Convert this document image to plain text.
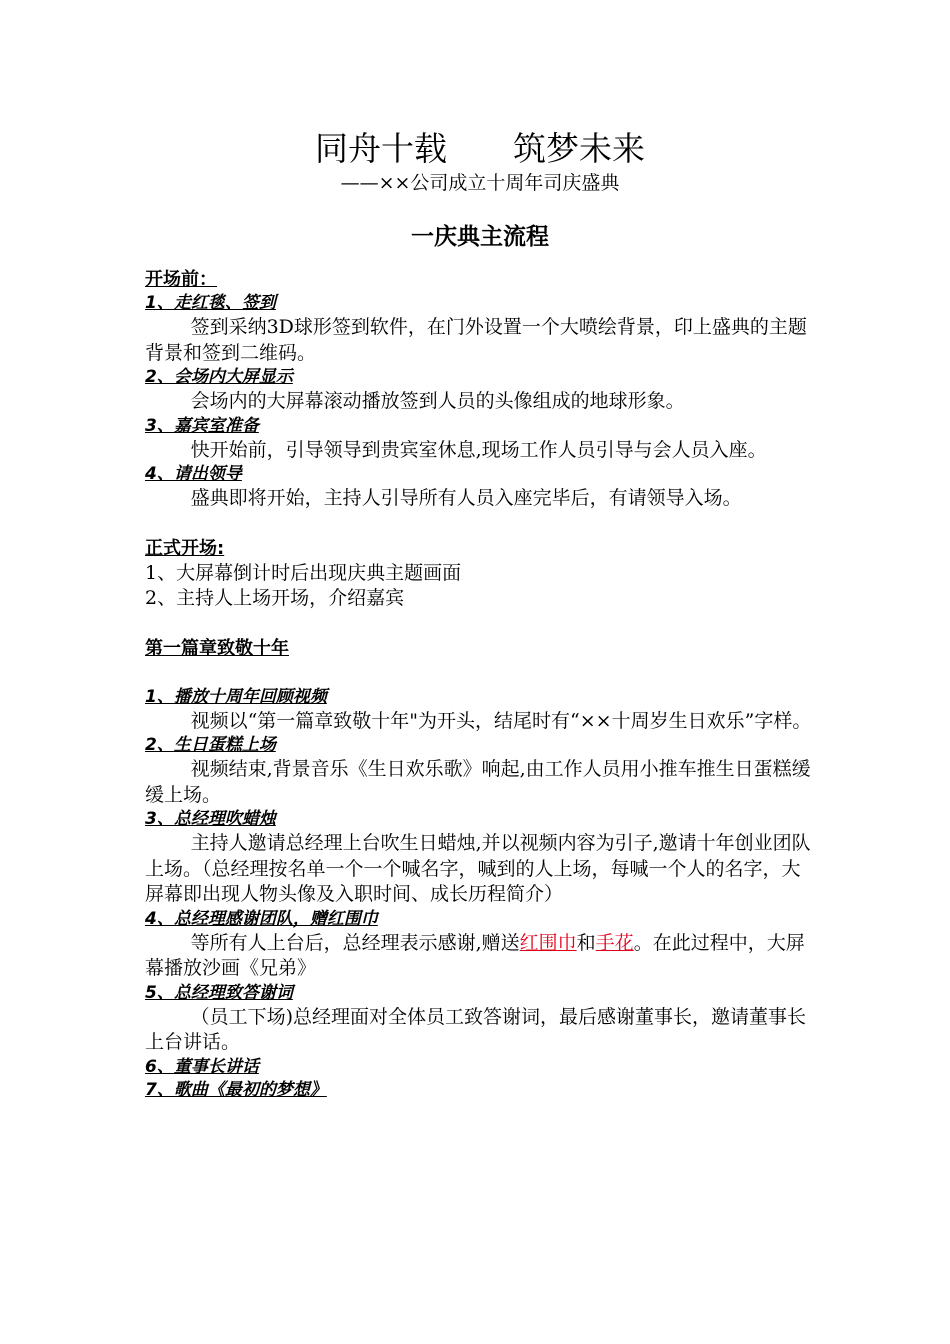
同舟十载　　筑梦未来

——××公司成立十周年司庆盛典

一庆典主流程

开场前：

1、走红毯、签到

签到采纳3D球形签到软件，在门外设置一个大喷绘背景，印上盛典的主题背景和签到二维码。

2、会场内大屏显示

会场内的大屏幕滚动播放签到人员的头像组成的地球形象。

3、嘉宾室准备

快开始前，引导领导到贵宾室休息,现场工作人员引导与会人员入座。

4、请出领导

盛典即将开始，主持人引导所有人员入座完毕后，有请领导入场。

正式开场:

1、大屏幕倒计时后出现庆典主题画面

2、主持人上场开场，介绍嘉宾

第一篇章致敬十年

1、播放十周年回顾视频

视频以“第一篇章致敬十年"为开头，结尾时有“××十周岁生日欢乐”字样。

2、生日蛋糕上场

视频结束,背景音乐《生日欢乐歌》响起,由工作人员用小推车推生日蛋糕缓缓上场。

3、总经理吹蜡烛

主持人邀请总经理上台吹生日蜡烛,并以视频内容为引子,邀请十年创业团队上场。（总经理按名单一个一个喊名字，喊到的人上场，每喊一个人的名字，大屏幕即出现人物头像及入职时间、成长历程简介）

4、总经理感谢团队，赠红围巾

等所有人上台后，总经理表示感谢,赠送红围巾和手花。在此过程中，大屏幕播放沙画《兄弟》

5、总经理致答谢词

（员工下场)总经理面对全体员工致答谢词，最后感谢董事长，邀请董事长上台讲话。

6、董事长讲话

7、歌曲《最初的梦想》
